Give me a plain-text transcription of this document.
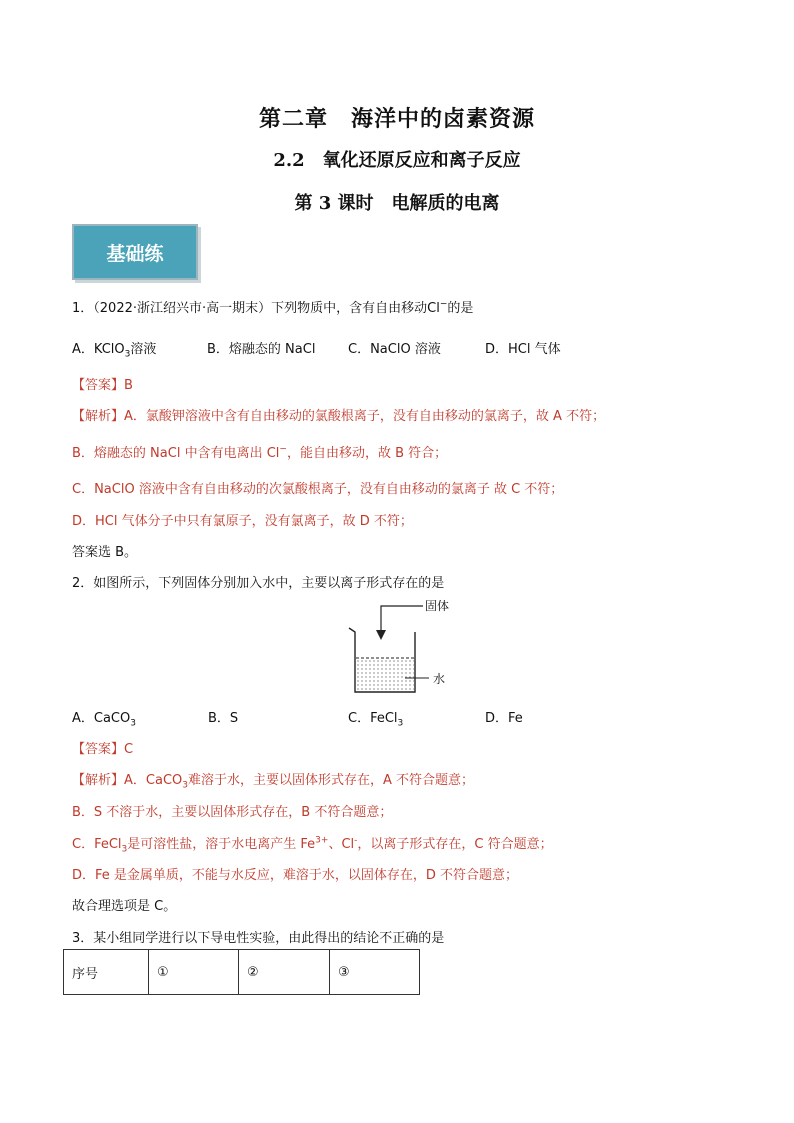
第二章　海洋中的卤素资源
2.2　氧化还原反应和离子反应
第 3 课时　电解质的电离
基础练
1．（2022·浙江绍兴市·高一期末）下列物质中，含有自由移动Cl−的是
A．KClO$_3$溶液	B．熔融态的 NaCl	C．NaClO 溶液	D．HCl 气体
【答案】B
【解析】A．氯酸钾溶液中含有自由移动的氯酸根离子，没有自由移动的氯离子，故 A 不符；
B．熔融态的 NaCl 中含有电离出 Cl−，能自由移动，故 B 符合；
C．NaClO 溶液中含有自由移动的次氯酸根离子，没有自由移动的氯离子 故 C 不符；
D．HCl 气体分子中只有氯原子，没有氯离子，故 D 不符；
答案选 B。
2．如图所示，下列固体分别加入水中，主要以离子形式存在的是
固体
水
A．CaCO$_3$	B．S	C．FeCl$_3$	D．Fe
【答案】C
【解析】A．CaCO$_3$难溶于水，主要以固体形式存在，A 不符合题意；
B．S 不溶于水，主要以固体形式存在，B 不符合题意；
C．FeCl$_3$是可溶性盐，溶于水电离产生 $Fe^{3+}$、Cl-，以离子形式存在，C 符合题意；
D．Fe 是金属单质，不能与水反应，难溶于水，以固体存在，D 不符合题意；
故合理选项是 C。
3．某小组同学进行以下导电性实验，由此得出的结论不正确的是
序号	①	②	③
